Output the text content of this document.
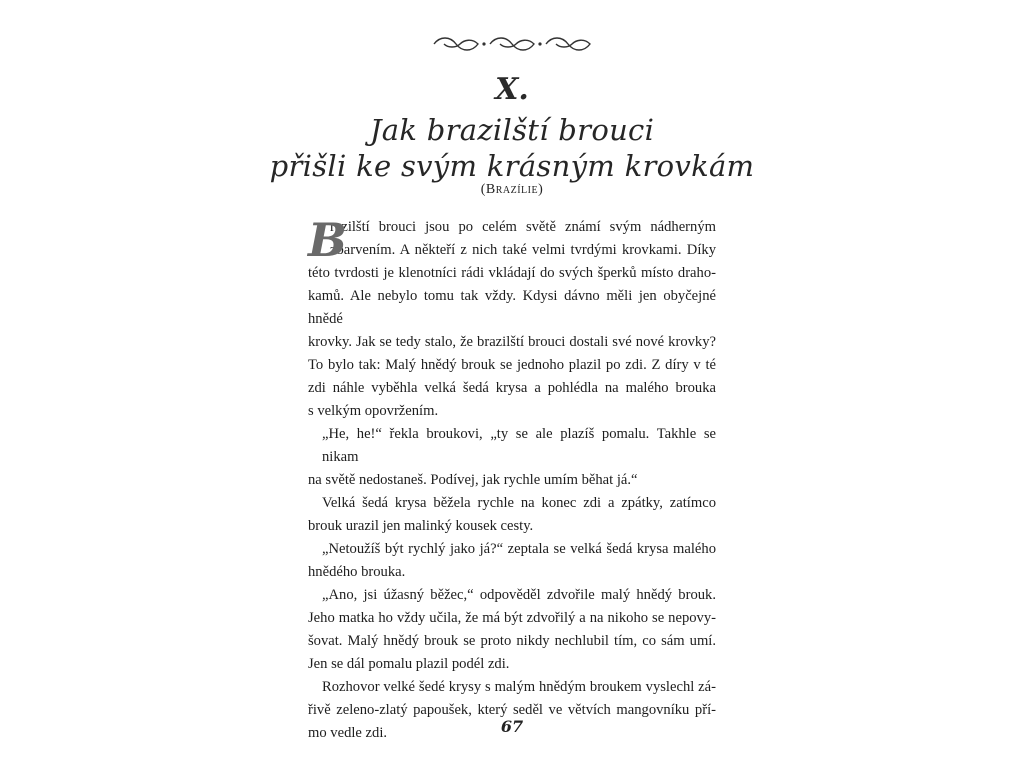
X.
Jak brazilští brouci
přišli ke svým krásným krovkám
(Brazílie)
B
razilští brouci jsou po celém světě známí svým nádherným
zbarvením. A někteří z nich také velmi tvrdými krovkami. Díky
této tvrdosti je klenotníci rádi vkládají do svých šperků místo draho-
kamů. Ale nebylo tomu tak vždy. Kdysi dávno měli jen obyčejné hnědé
krovky. Jak se tedy stalo, že brazilští brouci dostali své nové krovky?
To bylo tak: Malý hnědý brouk se jednoho plazil po zdi. Z díry v té
zdi náhle vyběhla velká šedá krysa a pohlédla na malého brouka
s velkým opovržením.
„He, he!“ řekla broukovi, „ty se ale plazíš pomalu. Takhle se nikam
na světě nedostaneš. Podívej, jak rychle umím běhat já.“
Velká šedá krysa běžela rychle na konec zdi a zpátky, zatímco
brouk urazil jen malinký kousek cesty.
„Netoužíš být rychlý jako já?“ zeptala se velká šedá krysa malého
hnědého brouka.
„Ano, jsi úžasný běžec,“ odpověděl zdvořile malý hnědý brouk.
Jeho matka ho vždy učila, že má být zdvořilý a na nikoho se nepovy-
šovat. Malý hnědý brouk se proto nikdy nechlubil tím, co sám umí.
Jen se dál pomalu plazil podél zdi.
Rozhovor velké šedé krysy s malým hnědým broukem vyslechl zá-
řivě zeleno-zlatý papoušek, který seděl ve větvích mangovníku pří-
mo vedle zdi.	67
